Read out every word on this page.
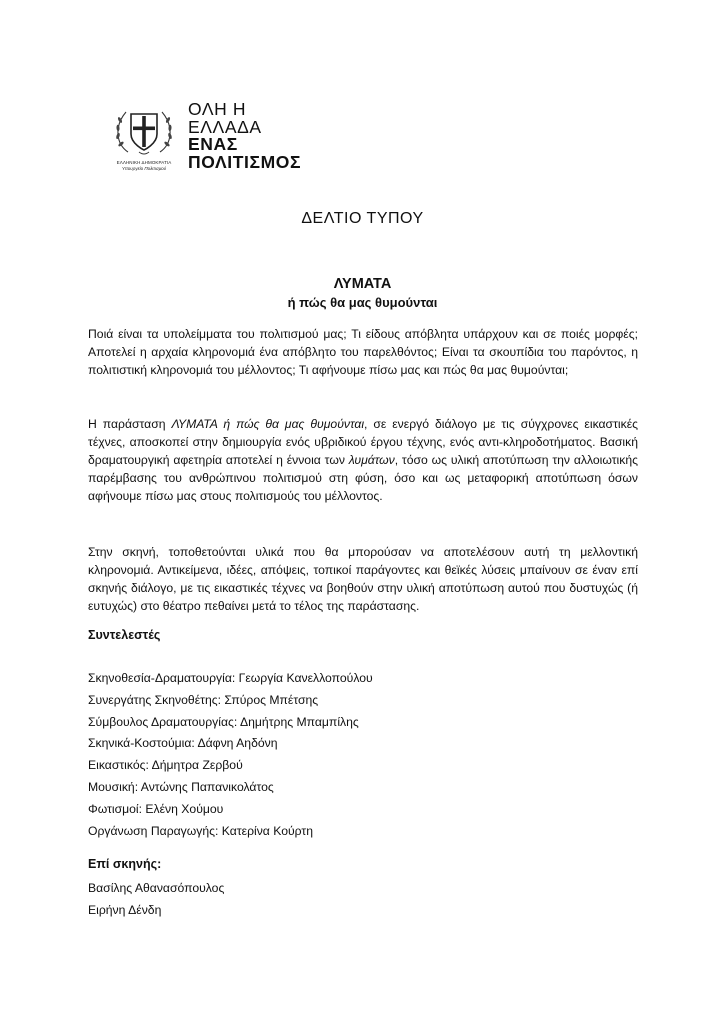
ΕΛΛΗΝΙΚΗ ΔΗΜΟΚΡΑΤΙΑ
Υπουργείο Πολιτισμού
ΟΛΗ Η
ΕΛΛΑΔΑ
ΕΝΑΣ
ΠΟΛΙΤΙΣΜΟΣ
ΔΕΛΤΙΟ ΤΥΠΟΥ
ΛΥΜΑΤΑ
ή πώς θα μας θυμούνται

Ποιά είναι τα υπολείμματα του πολιτισμού μας; Τι είδους απόβλητα υπάρχουν και σε ποιές μορφές; Αποτελεί η αρχαία κληρονομιά ένα απόβλητο του παρελθόντος; Είναι τα σκουπίδια του παρόντος, η πολιτιστική κληρονομιά του μέλλοντος; Τι αφήνουμε πίσω μας και πώς θα μας θυμούνται;

Η παράσταση ΛΥΜΑΤΑ ή πώς θα μας θυμούνται, σε ενεργό διάλογο με τις σύγχρονες εικαστικές τέχνες, αποσκοπεί στην δημιουργία ενός υβριδικού έργου τέχνης, ενός αντι-κληροδοτήματος. Βασική δραματουργική αφετηρία αποτελεί η έννοια των λυμάτων, τόσο ως υλική αποτύπωση την αλλοιωτικής παρέμβασης του ανθρώπινου πολιτισμού στη φύση, όσο και ως μεταφορική αποτύπωση όσων αφήνουμε πίσω μας στους πολιτισμούς του μέλλοντος.

Στην σκηνή, τοποθετούνται υλικά που θα μπορούσαν να αποτελέσουν αυτή τη μελλοντική κληρονομιά. Αντικείμενα, ιδέες, απόψεις, τοπικοί παράγοντες και θεϊκές λύσεις μπαίνουν σε έναν επί σκηνής διάλογο, με τις εικαστικές τέχνες να βοηθούν στην υλική αποτύπωση αυτού που δυστυχώς (ή ευτυχώς) στο θέατρο πεθαίνει μετά το τέλος της παράστασης.

Συντελεστές

Σκηνοθεσία-Δραματουργία: Γεωργία Κανελλοπούλου
Συνεργάτης Σκηνοθέτης: Σπύρος Μπέτσης
Σύμβουλος Δραματουργίας: Δημήτρης Μπαμπίλης
Σκηνικά-Κοστούμια: Δάφνη Αηδόνη
Εικαστικός: Δήμητρα Ζερβού
Μουσική: Αντώνης Παπανικολάτος
Φωτισμοί: Ελένη Χούμου
Οργάνωση Παραγωγής: Κατερίνα Κούρτη

Επί σκηνής:

Βασίλης Αθανασόπουλος
Ειρήνη Δένδη
